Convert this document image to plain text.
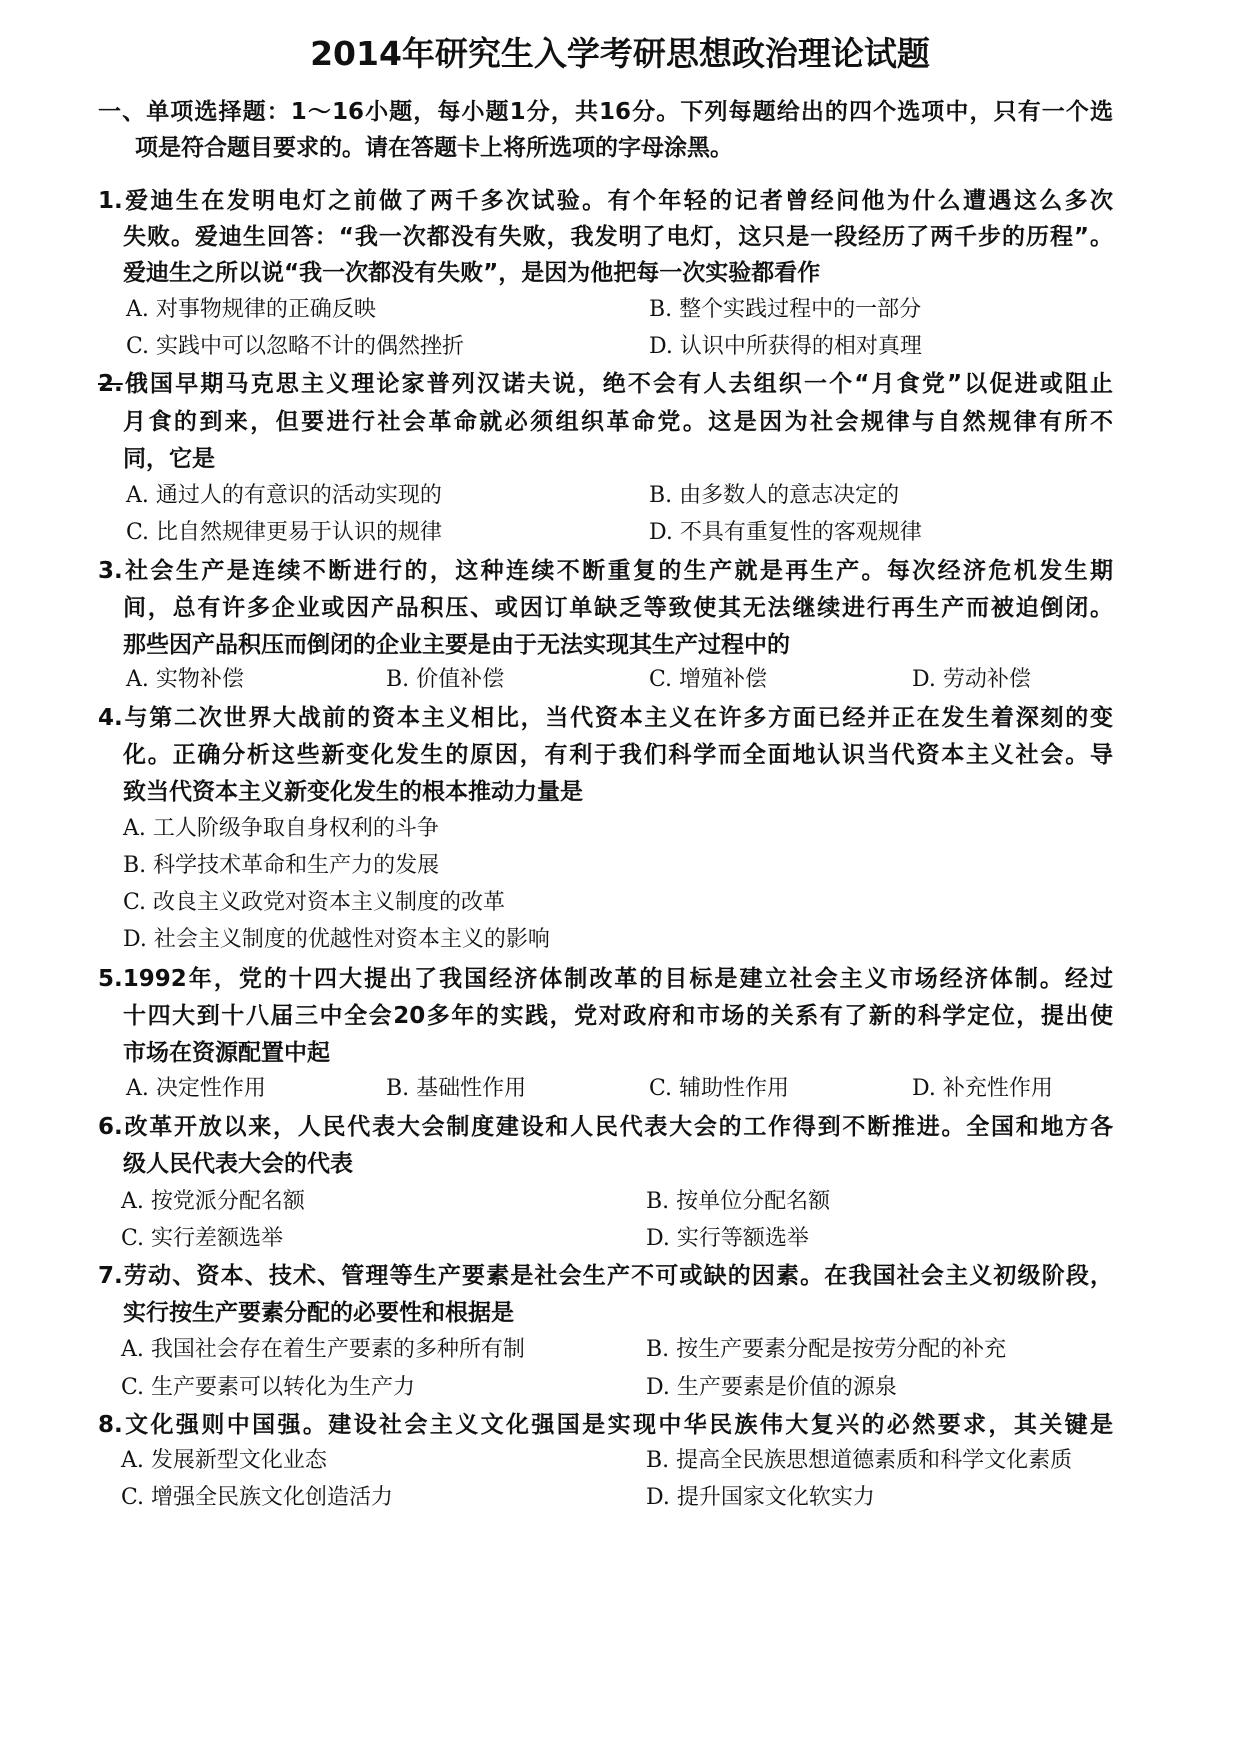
2014年研究生入学考研思想政治理论试题
一、单项选择题：1～16小题，每小题1分，共16分。下列每题给出的四个选项中，只有一个选
项是符合题目要求的。请在答题卡上将所选项的字母涂黑。
1.爱迪生在发明电灯之前做了两千多次试验。有个年轻的记者曾经问他为什么遭遇这么多次
失败。爱迪生回答：“我一次都没有失败，我发明了电灯，这只是一段经历了两千步的历程”。
爱迪生之所以说“我一次都没有失败”，是因为他把每一次实验都看作
A. 对事物规律的正确反映	B. 整个实践过程中的一部分
C. 实践中可以忽略不计的偶然挫折	D. 认识中所获得的相对真理
2.俄国早期马克思主义理论家普列汉诺夫说，绝不会有人去组织一个“月食党”以促进或阻止
月食的到来，但要进行社会革命就必须组织革命党。这是因为社会规律与自然规律有所不
同，它是
A. 通过人的有意识的活动实现的	B. 由多数人的意志决定的
C. 比自然规律更易于认识的规律	D. 不具有重复性的客观规律
3.社会生产是连续不断进行的，这种连续不断重复的生产就是再生产。每次经济危机发生期
间，总有许多企业或因产品积压、或因订单缺乏等致使其无法继续进行再生产而被迫倒闭。
那些因产品积压而倒闭的企业主要是由于无法实现其生产过程中的
A. 实物补偿	B. 价值补偿	C. 增殖补偿	D. 劳动补偿
4.与第二次世界大战前的资本主义相比，当代资本主义在许多方面已经并正在发生着深刻的变
化。正确分析这些新变化发生的原因，有利于我们科学而全面地认识当代资本主义社会。导
致当代资本主义新变化发生的根本推动力量是
A. 工人阶级争取自身权利的斗争
B. 科学技术革命和生产力的发展
C. 改良主义政党对资本主义制度的改革
D. 社会主义制度的优越性对资本主义的影响
5.1992年，党的十四大提出了我国经济体制改革的目标是建立社会主义市场经济体制。经过
十四大到十八届三中全会20多年的实践，党对政府和市场的关系有了新的科学定位，提出使
市场在资源配置中起
A. 决定性作用	B. 基础性作用	C. 辅助性作用	D. 补充性作用
6.改革开放以来，人民代表大会制度建设和人民代表大会的工作得到不断推进。全国和地方各
级人民代表大会的代表
A. 按党派分配名额	B. 按单位分配名额
C. 实行差额选举	D. 实行等额选举
7.劳动、资本、技术、管理等生产要素是社会生产不可或缺的因素。在我国社会主义初级阶段，
实行按生产要素分配的必要性和根据是
A. 我国社会存在着生产要素的多种所有制	B. 按生产要素分配是按劳分配的补充
C. 生产要素可以转化为生产力	D. 生产要素是价值的源泉
8.文化强则中国强。建设社会主义文化强国是实现中华民族伟大复兴的必然要求，其关键是
A. 发展新型文化业态	B. 提高全民族思想道德素质和科学文化素质
C. 增强全民族文化创造活力	D. 提升国家文化软实力
